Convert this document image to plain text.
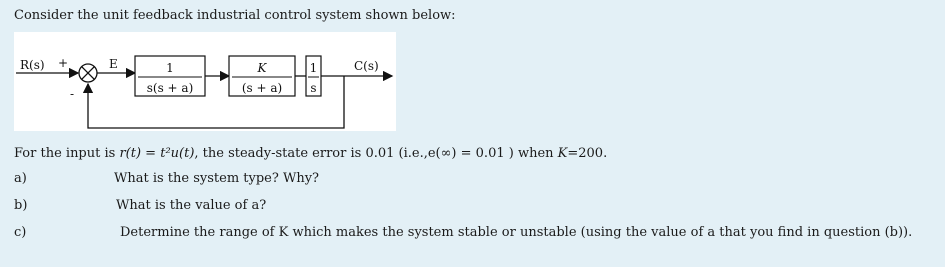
Consider the unit feedback industrial control system shown below:
R(s) +
-
E	1
s(s + a)
K
(s + a)
1
s
C(s)
For the input is r(t) = t²u(t), the steady-state error is 0.01 (i.e.,e(∞) = 0.01 ) when K=200.
a)	What is the system type? Why?
b)	What is the value of a?
c)	Determine the range of K which makes the system stable or unstable (using the value of a that you find in question (b)).
